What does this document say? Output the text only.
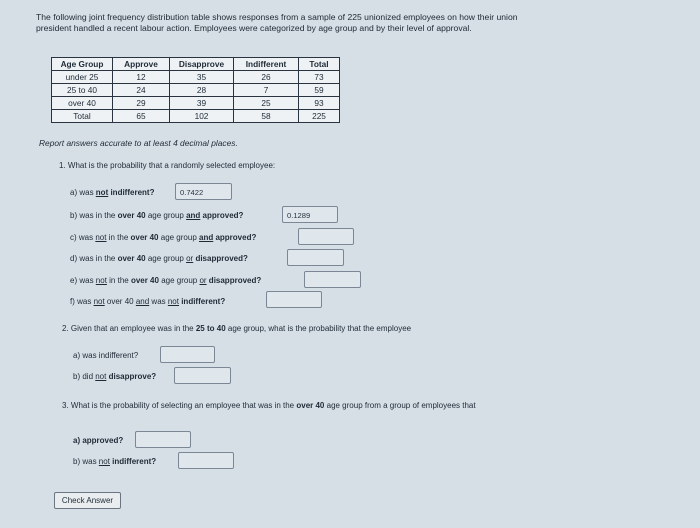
The following joint frequency distribution table shows responses from a sample of 225 unionized employees on how their union president handled a recent labour action. Employees were categorized by age group and by their level of approval.
Age Group	Approve	Disapprove	Indifferent	Total
under 25	12	35	26	73
25 to 40	24	28	7	59
over 40	29	39	25	93
Total	65	102	58	225
Report answers accurate to at least 4 decimal places.
1. What is the probability that a randomly selected employee:
a) was not indifferent?	0.7422
b) was in the over 40 age group and approved?	0.1289
c) was not in the over 40 age group and approved?
d) was in the over 40 age group or disapproved?
e) was not in the over 40 age group or disapproved?
f) was not over 40 and was not indifferent?
2. Given that an employee was in the 25 to 40 age group, what is the probability that the employee
a) was indifferent?
b) did not disapprove?
3. What is the probability of selecting an employee that was in the over 40 age group from a group of employees that
a) approved?
b) was not indifferent?
Check Answer
